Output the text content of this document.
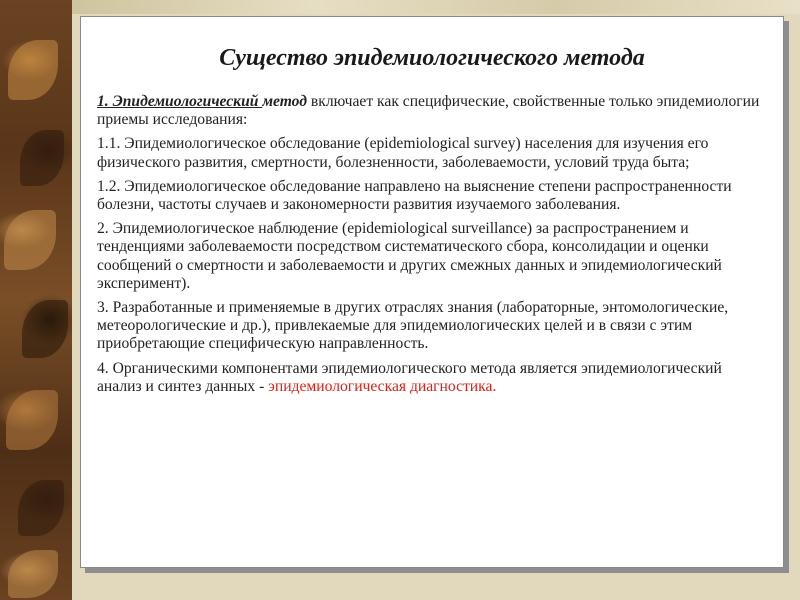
Существо эпидемиологического метода

1. Эпидемиологический метод включает как специфические, свойственные только эпидемиологии приемы исследования:

1.1. Эпидемиологическое обследование (epidemiological survey) населения для изучения его физического развития, смертности, болезненности, заболеваемости, условий труда быта;

1.2. Эпидемиологическое обследование направлено на выяснение степени распространенности болезни, частоты случаев и закономерности развития изучаемого заболевания.

2. Эпидемиологическое наблюдение (epidemiological surveillance) за распространением и тенденциями заболеваемости посредством систематического сбора, консолидации и оценки сообщений о смертности и заболеваемости и других смежных данных и эпидемиологический эксперимент).

3. Разработанные и применяемые в других отраслях знания (лабораторные, энтомологические, метеорологические и др.), привлекаемые для эпидемиологических целей и в связи с этим приобретающие специфическую направленность.

4. Органическими компонентами эпидемиологического метода является эпидемиологический анализ и синтез данных - эпидемиологическая диагностика.
